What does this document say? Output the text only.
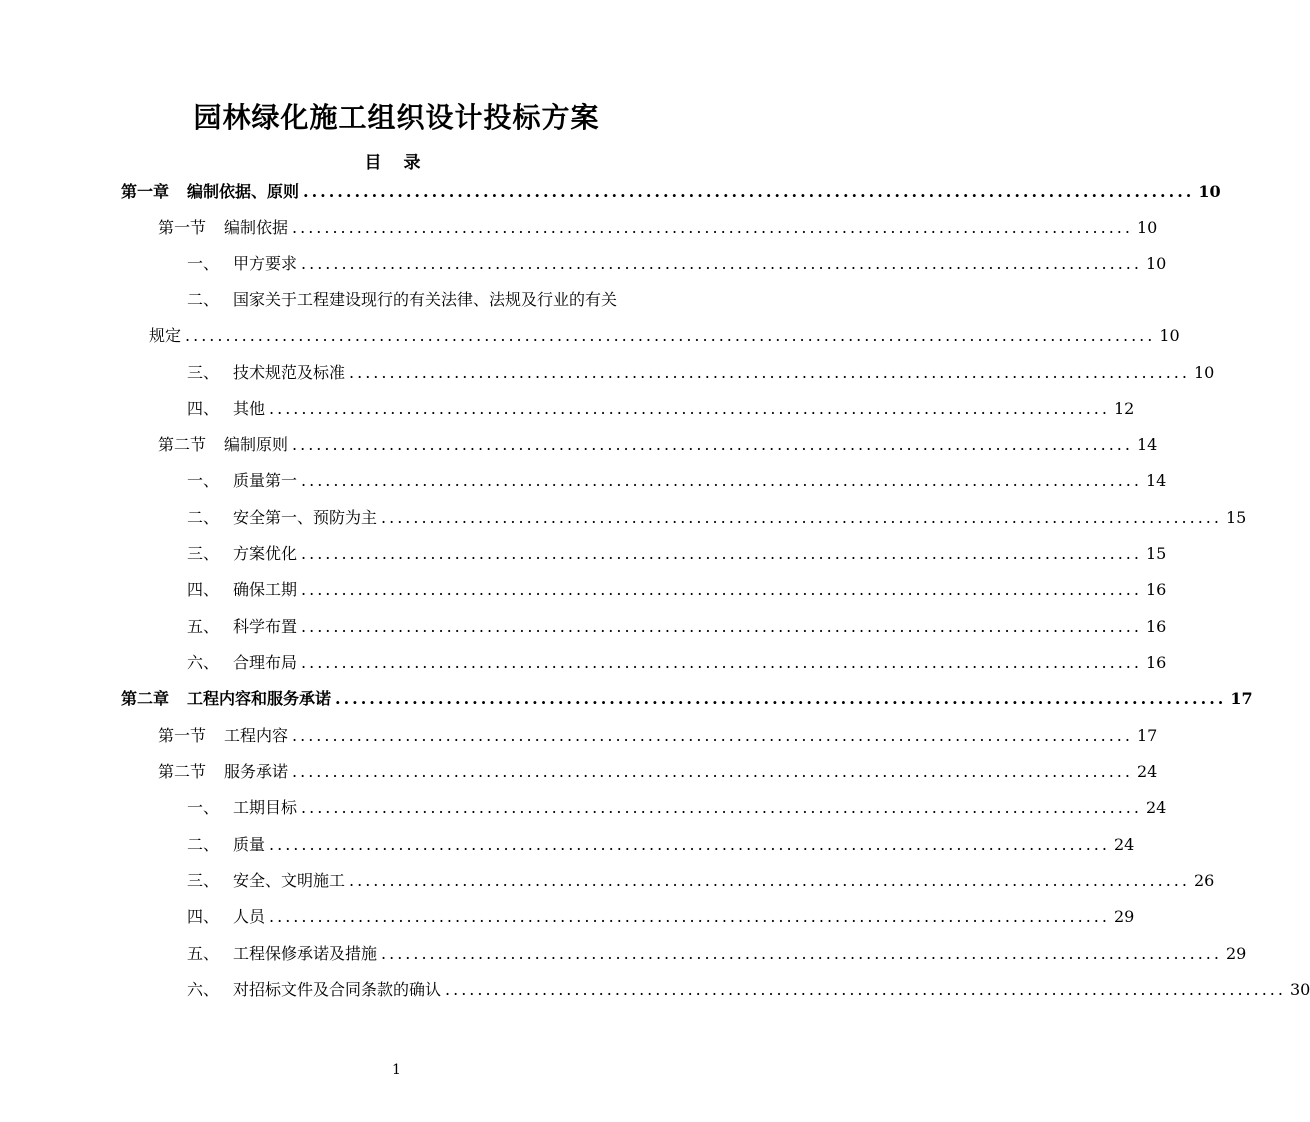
园林绿化施工组织设计投标方案
目 录
第一章 编制依据、原则 ........................................................................................................ 10
第一节 编制依据 ........................................................................................................ 10
一、 甲方要求 ........................................................................................................ 10
二、 国家关于工程建设现行的有关法律、法规及行业的有关
规定 ........................................................................................................................ 10
三、 技术规范及标准 ........................................................................................................ 10
四、 其他 ........................................................................................................ 12
第二节 编制原则 ........................................................................................................ 14
一、 质量第一 ........................................................................................................ 14
二、 安全第一、预防为主 ........................................................................................................ 15
三、 方案优化 ........................................................................................................ 15
四、 确保工期 ........................................................................................................ 16
五、 科学布置 ........................................................................................................ 16
六、 合理布局 ........................................................................................................ 16
第二章 工程内容和服务承诺 ........................................................................................................ 17
第一节 工程内容 ........................................................................................................ 17
第二节 服务承诺 ........................................................................................................ 24
一、 工期目标 ........................................................................................................ 24
二、 质量 ........................................................................................................ 24
三、 安全、文明施工 ........................................................................................................ 26
四、 人员 ........................................................................................................ 29
五、 工程保修承诺及措施 ........................................................................................................ 29
六、 对招标文件及合同条款的确认 ........................................................................................................ 30
1
